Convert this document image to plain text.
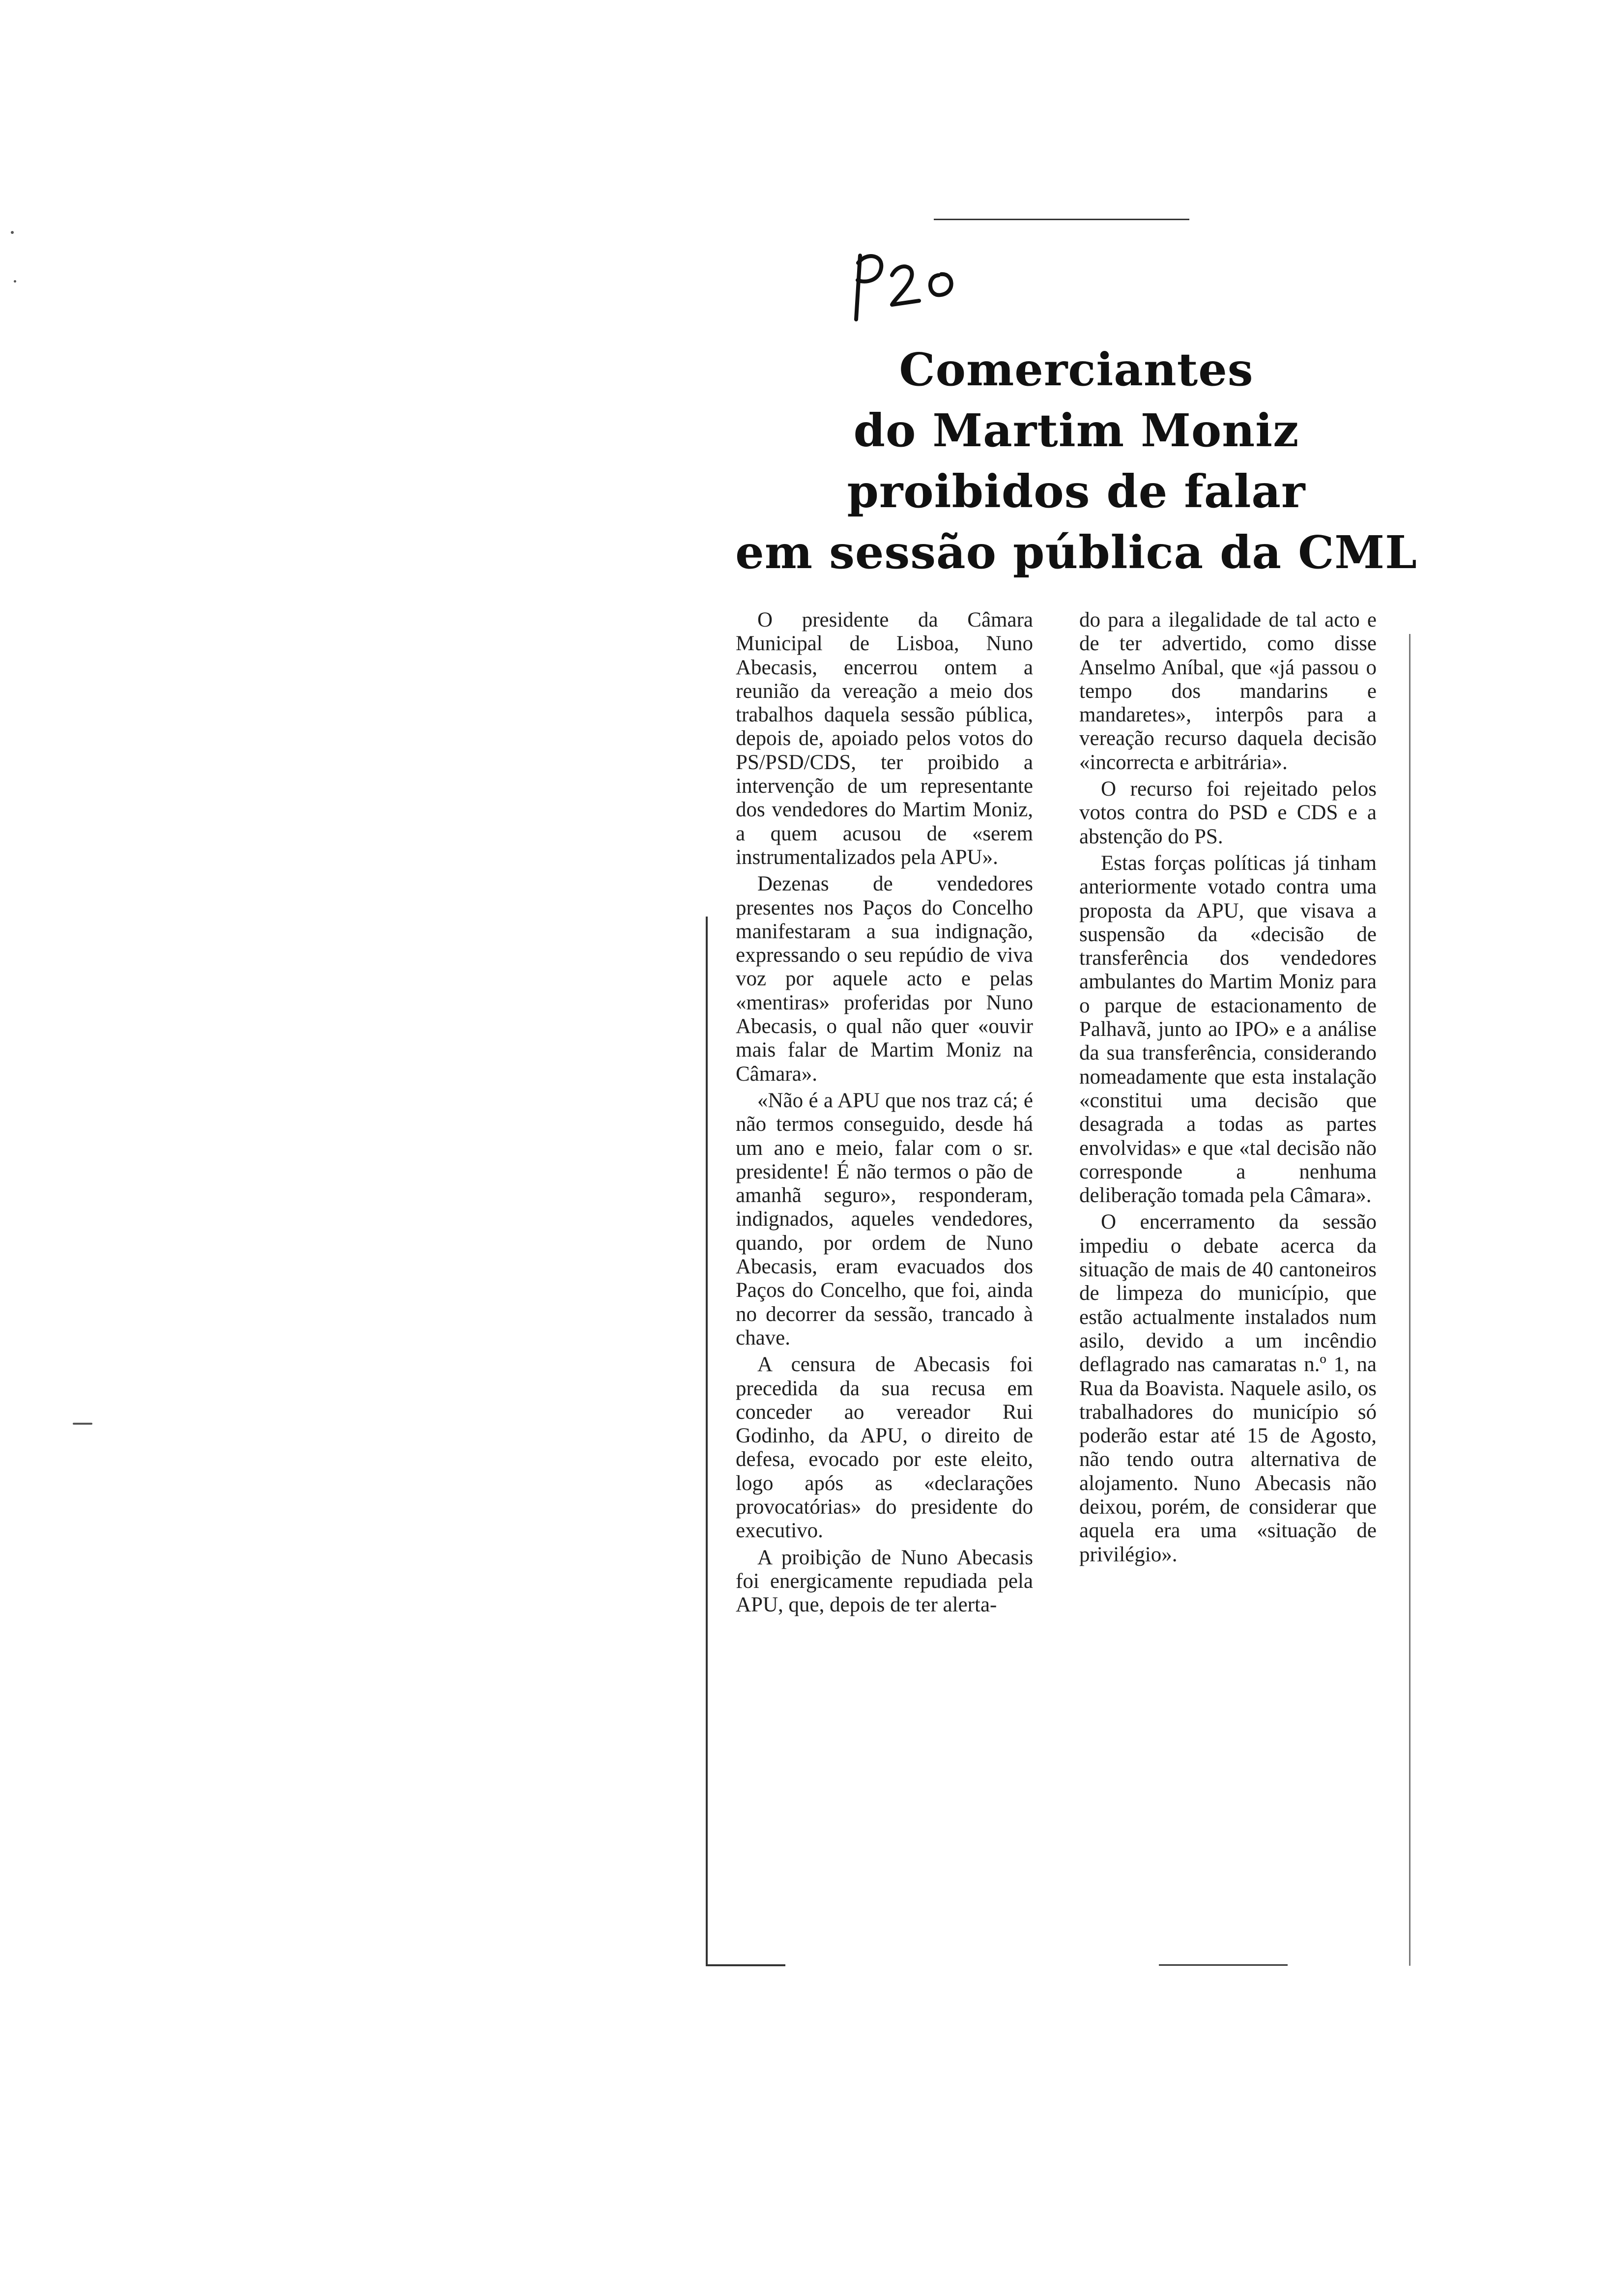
Comerciantes
do Martim Moniz
proibidos de falar
em sessão pública da CML

O presidente da Câmara Municipal de Lisboa, Nuno Abecasis, encerrou ontem a reunião da vereação a meio dos trabalhos daquela sessão pública, depois de, apoiado pelos votos do PS/PSD/CDS, ter proibido a intervenção de um representante dos vendedores do Martim Moniz, a quem acusou de «serem instrumentalizados pela APU».

Dezenas de vendedores presentes nos Paços do Concelho manifestaram a sua indignação, expressando o seu repúdio de viva voz por aquele acto e pelas «mentiras» proferidas por Nuno Abecasis, o qual não quer «ouvir mais falar de Martim Moniz na Câmara».

«Não é a APU que nos traz cá; é não termos conseguido, desde há um ano e meio, falar com o sr. presidente! É não termos o pão de amanhã seguro», responderam, indignados, aqueles vendedores, quando, por ordem de Nuno Abecasis, eram evacuados dos Paços do Concelho, que foi, ainda no decorrer da sessão, trancado à chave.

A censura de Abecasis foi precedida da sua recusa em conceder ao vereador Rui Godinho, da APU, o direito de defesa, evocado por este eleito, logo após as «declarações provocatórias» do presidente do executivo.

A proibição de Nuno Abecasis foi energicamente repudiada pela APU, que, depois de ter alerta-

do para a ilegalidade de tal acto e de ter advertido, como disse Anselmo Aníbal, que «já passou o tempo dos mandarins e mandaretes», interpôs para a vereação recurso daquela decisão «incorrecta e arbitrária».

O recurso foi rejeitado pelos votos contra do PSD e CDS e a abstenção do PS.

Estas forças políticas já tinham anteriormente votado contra uma proposta da APU, que visava a suspensão da «decisão de transferência dos vendedores ambulantes do Martim Moniz para o parque de estacionamento de Palhavã, junto ao IPO» e a análise da sua transferência, considerando nomeadamente que esta instalação «constitui uma decisão que desagrada a todas as partes envolvidas» e que «tal decisão não corresponde a nenhuma deliberação tomada pela Câmara».

O encerramento da sessão impediu o debate acerca da situação de mais de 40 cantoneiros de limpeza do município, que estão actualmente instalados num asilo, devido a um incêndio deflagrado nas camaratas n.º 1, na Rua da Boavista. Naquele asilo, os trabalhadores do município só poderão estar até 15 de Agosto, não tendo outra alternativa de alojamento. Nuno Abecasis não deixou, porém, de considerar que aquela era uma «situação de privilégio».
